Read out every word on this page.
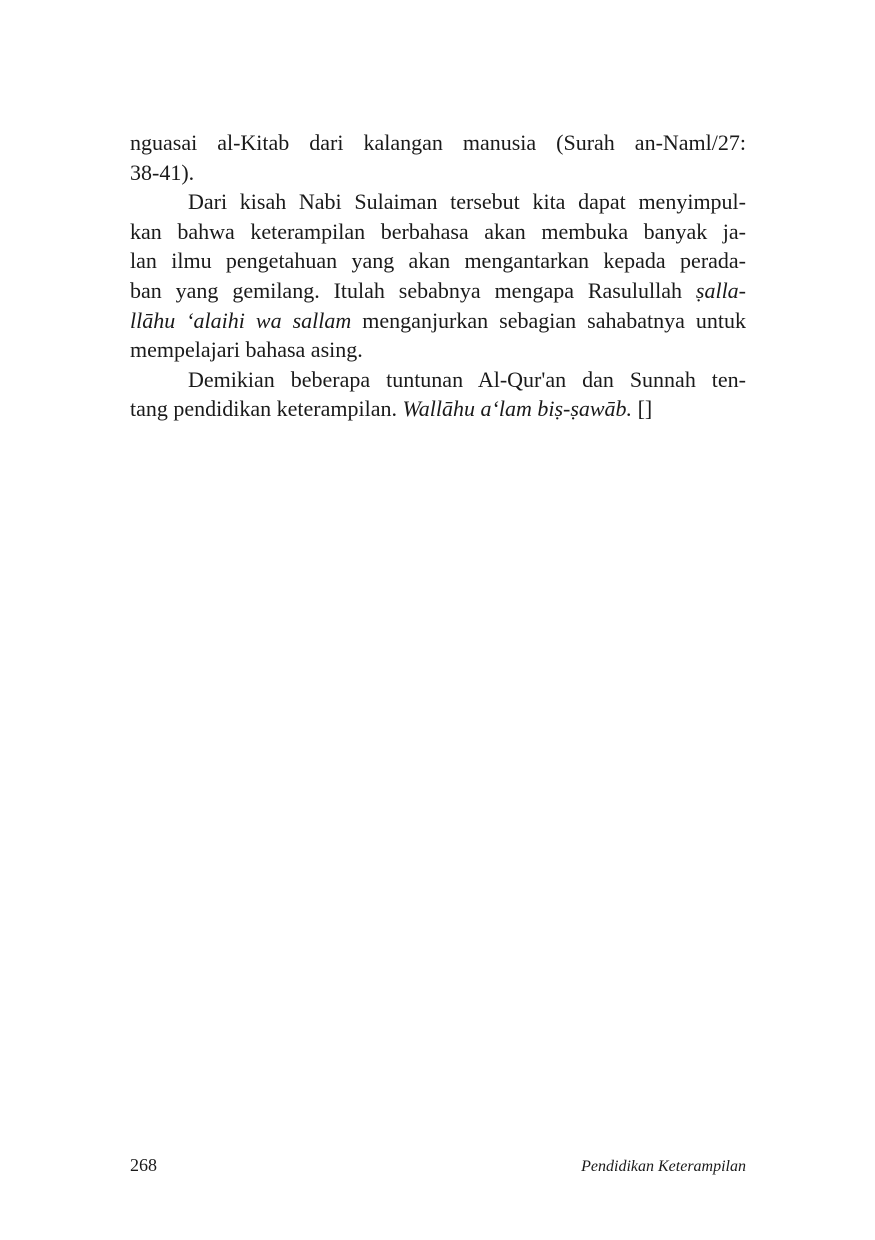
nguasai al-Kitab dari kalangan manusia (Surah an-Naml/27:
38-41).
Dari kisah Nabi Sulaiman tersebut kita dapat menyimpul-
kan bahwa keterampilan berbahasa akan membuka banyak ja-
lan ilmu pengetahuan yang akan mengantarkan kepada perada-
ban yang gemilang. Itulah sebabnya mengapa Rasulullah ṣalla-
llāhu ‘alaihi wa sallam menganjurkan sebagian sahabatnya untuk
mempelajari bahasa asing.
Demikian beberapa tuntunan Al-Qur'an dan Sunnah ten-
tang pendidikan keterampilan. Wallāhu a‘lam biṣ-ṣawāb. []
268	Pendidikan Keterampilan
